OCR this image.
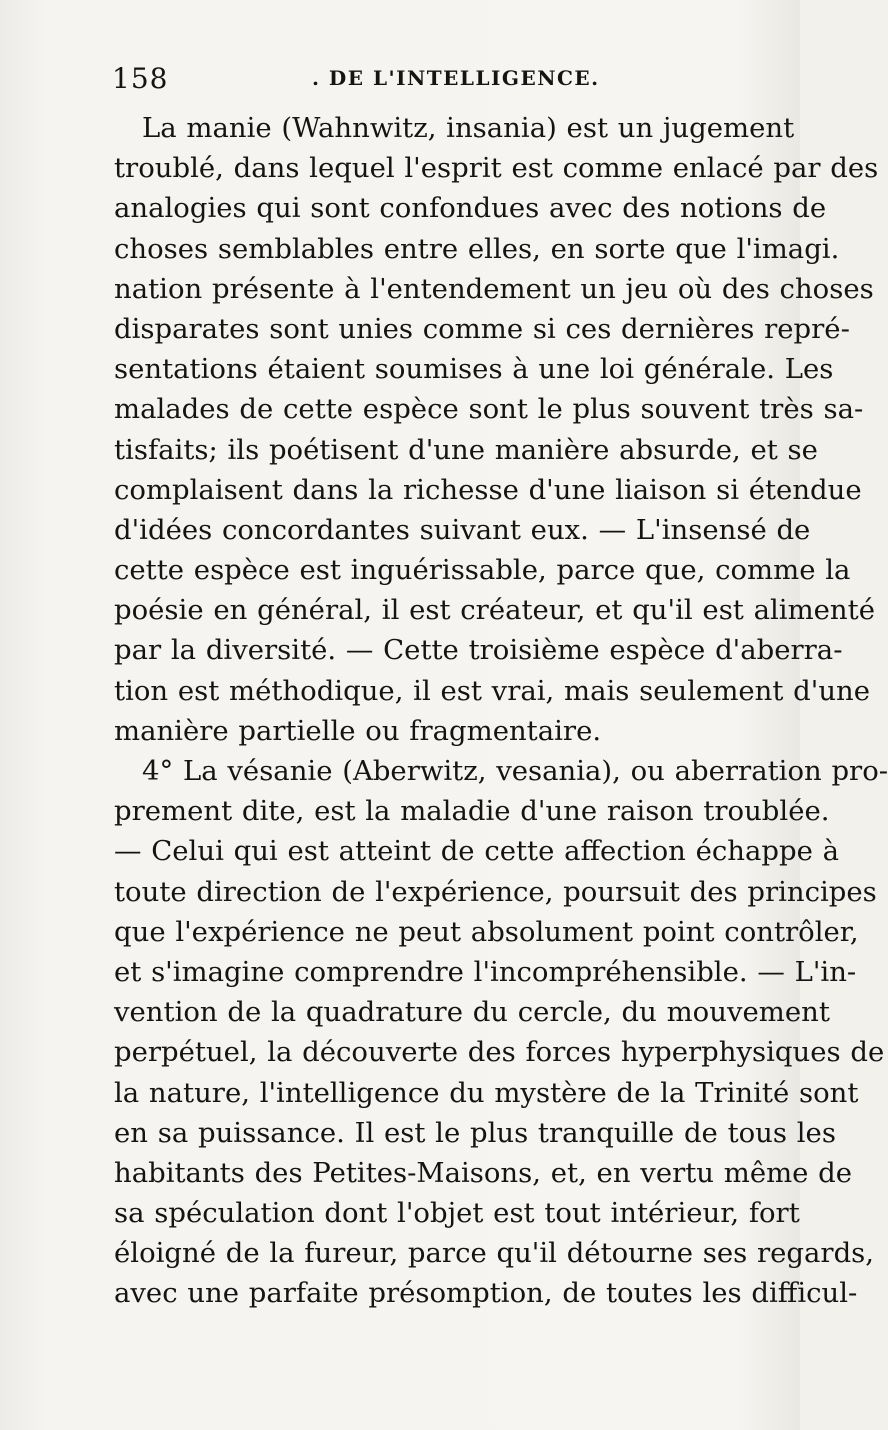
158	. DE L'INTELLIGENCE.
La manie (Wahnwitz, insania) est un jugement
troublé, dans lequel l'esprit est comme enlacé par des
analogies qui sont confondues avec des notions de
choses semblables entre elles, en sorte que l'imagi.
nation présente à l'entendement un jeu où des choses
disparates sont unies comme si ces dernières repré-
sentations étaient soumises à une loi générale. Les
malades de cette espèce sont le plus souvent très sa-
tisfaits; ils poétisent d'une manière absurde, et se
complaisent dans la richesse d'une liaison si étendue
d'idées concordantes suivant eux. — L'insensé de
cette espèce est inguérissable, parce que, comme la
poésie en général, il est créateur, et qu'il est alimenté
par la diversité. — Cette troisième espèce d'aberra-
tion est méthodique, il est vrai, mais seulement d'une
manière partielle ou fragmentaire.
4° La vésanie (Aberwitz, vesania), ou aberration pro-
prement dite, est la maladie d'une raison troublée.
— Celui qui est atteint de cette affection échappe à
toute direction de l'expérience, poursuit des principes
que l'expérience ne peut absolument point contrôler,
et s'imagine comprendre l'incompréhensible. — L'in-
vention de la quadrature du cercle, du mouvement
perpétuel, la découverte des forces hyperphysiques de
la nature, l'intelligence du mystère de la Trinité sont
en sa puissance. Il est le plus tranquille de tous les
habitants des Petites-Maisons, et, en vertu même de
sa spéculation dont l'objet est tout intérieur, fort
éloigné de la fureur, parce qu'il détourne ses regards,
avec une parfaite présomption, de toutes les difficul-
